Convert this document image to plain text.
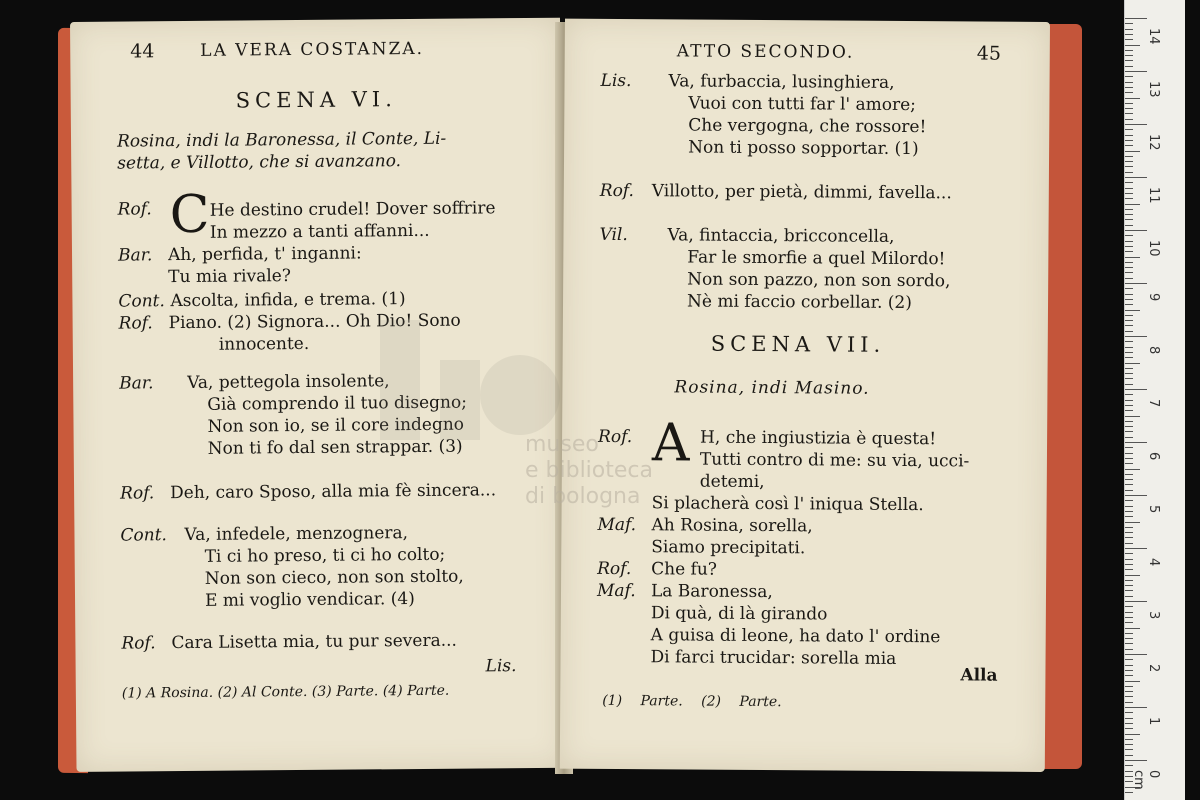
44	LA VERA COSTANZA.
SCENA VI.
Rosina, indi la Baronessa, il Conte, Li-
setta, e Villotto, che si avanzano.
Rof. C He destino crudel! Dover soffrire
In mezzo a tanti affanni...
Bar. Ah, perfida, t' inganni:
Tu mia rivale?
Cont. Ascolta, infida, e trema. (1)
Rof. Piano. (2) Signora... Oh Dio! Sono
innocente.
Bar. Va, pettegola insolente,
Già comprendo il tuo disegno;
Non son io, se il core indegno
Non ti fo dal sen strappar. (3)
Rof. Deh, caro Sposo, alla mia fè sincera...
Cont. Va, infedele, menzognera,
Ti ci ho preso, ti ci ho colto;
Non son cieco, non son stolto,
E mi voglio vendicar. (4)
Rof. Cara Lisetta mia, tu pur severa...
Lis.
(1) A Rosina. (2) Al Conte. (3) Parte. (4) Parte.
ATTO SECONDO.	45
Lis. Va, furbaccia, lusinghiera,
Vuoi con tutti far l' amore;
Che vergogna, che rossore!
Non ti posso sopportar. (1)
Rof. Villotto, per pietà, dimmi, favella...
Vil. Va, fintaccia, bricconcella,
Far le smorfie a quel Milordo!
Non son pazzo, non son sordo,
Nè mi faccio corbellar. (2)
SCENA VII.
Rosina, indi Masino.
Rof. A H, che ingiustizia è questa!
Tutti contro di me: su via, ucci-
detemi,
Si placherà così l' iniqua Stella.
Maf. Ah Rosina, sorella,
Siamo precipitati.
Rof. Che fu?
Maf. La Baronessa,
Di quà, di là girando
A guisa di leone, ha dato l' ordine
Di farci trucidar: sorella mia
Alla
(1) Parte. (2) Parte.
museo
e biblioteca
di bologna
14
13
12
11
10
9
8
7
6
5
4
3
2
1
0 cm
